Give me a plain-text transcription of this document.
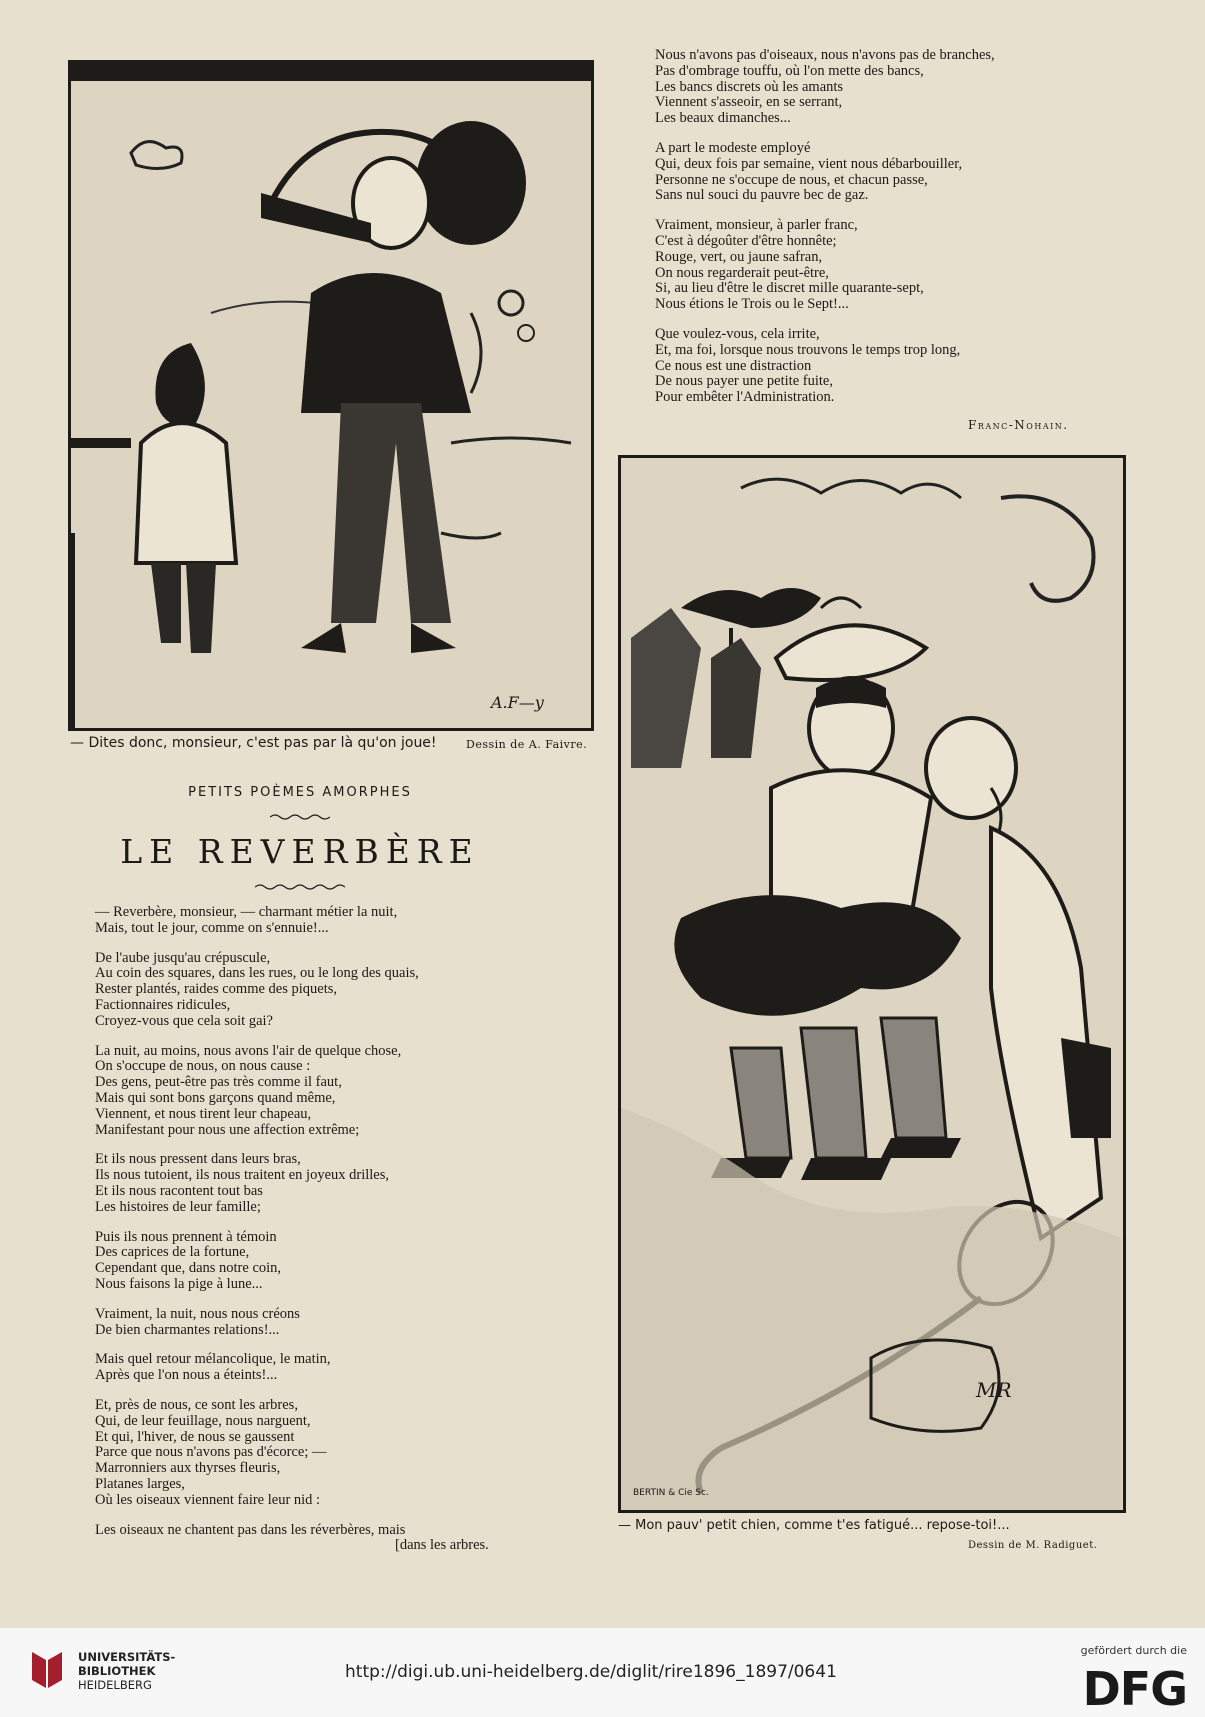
A.F—y
— Dites donc, monsieur, c'est pas par là qu'on joue!	Dessin de A. Faivre.
PETITS POÈMES AMORPHES
LE REVERBÈRE
— Reverbère, monsieur, — charmant métier la nuit,
Mais, tout le jour, comme on s'ennuie!...
De l'aube jusqu'au crépuscule,
Au coin des squares, dans les rues, ou le long des quais,
Rester plantés, raides comme des piquets,
Factionnaires ridicules,
Croyez-vous que cela soit gai?
La nuit, au moins, nous avons l'air de quelque chose,
On s'occupe de nous, on nous cause :
Des gens, peut-être pas très comme il faut,
Mais qui sont bons garçons quand même,
Viennent, et nous tirent leur chapeau,
Manifestant pour nous une affection extrême;
Et ils nous pressent dans leurs bras,
Ils nous tutoient, ils nous traitent en joyeux drilles,
Et ils nous racontent tout bas
Les histoires de leur famille;
Puis ils nous prennent à témoin
Des caprices de la fortune,
Cependant que, dans notre coin,
Nous faisons la pige à lune...
Vraiment, la nuit, nous nous créons
De bien charmantes relations!...
Mais quel retour mélancolique, le matin,
Après que l'on nous a éteints!...
Et, près de nous, ce sont les arbres,
Qui, de leur feuillage, nous narguent,
Et qui, l'hiver, de nous se gaussent
Parce que nous n'avons pas d'écorce; —
Marronniers aux thyrses fleuris,
Platanes larges,
Où les oiseaux viennent faire leur nid :
Les oiseaux ne chantent pas dans les réverbères, mais
[dans les arbres.
Nous n'avons pas d'oiseaux, nous n'avons pas de branches,
Pas d'ombrage touffu, où l'on mette des bancs,
Les bancs discrets où les amants
Viennent s'asseoir, en se serrant,
Les beaux dimanches...
A part le modeste employé
Qui, deux fois par semaine, vient nous débarbouiller,
Personne ne s'occupe de nous, et chacun passe,
Sans nul souci du pauvre bec de gaz.
Vraiment, monsieur, à parler franc,
C'est à dégoûter d'être honnête;
Rouge, vert, ou jaune safran,
On nous regarderait peut-être,
Si, au lieu d'être le discret mille quarante-sept,
Nous étions le Trois ou le Sept!...
Que voulez-vous, cela irrite,
Et, ma foi, lorsque nous trouvons le temps trop long,
Ce nous est une distraction
De nous payer une petite fuite,
Pour embêter l'Administration.
Franc-Nohain.
MR
BERTIN & Cie Sc.
— Mon pauv' petit chien, comme t'es fatigué... repose-toi!...
Dessin de M. Radiguet.
UNIVERSITÄTS-
BIBLIOTHEK
HEIDELBERG
http://digi.ub.uni-heidelberg.de/diglit/rire1896_1897/0641
gefördert durch die
DFG
